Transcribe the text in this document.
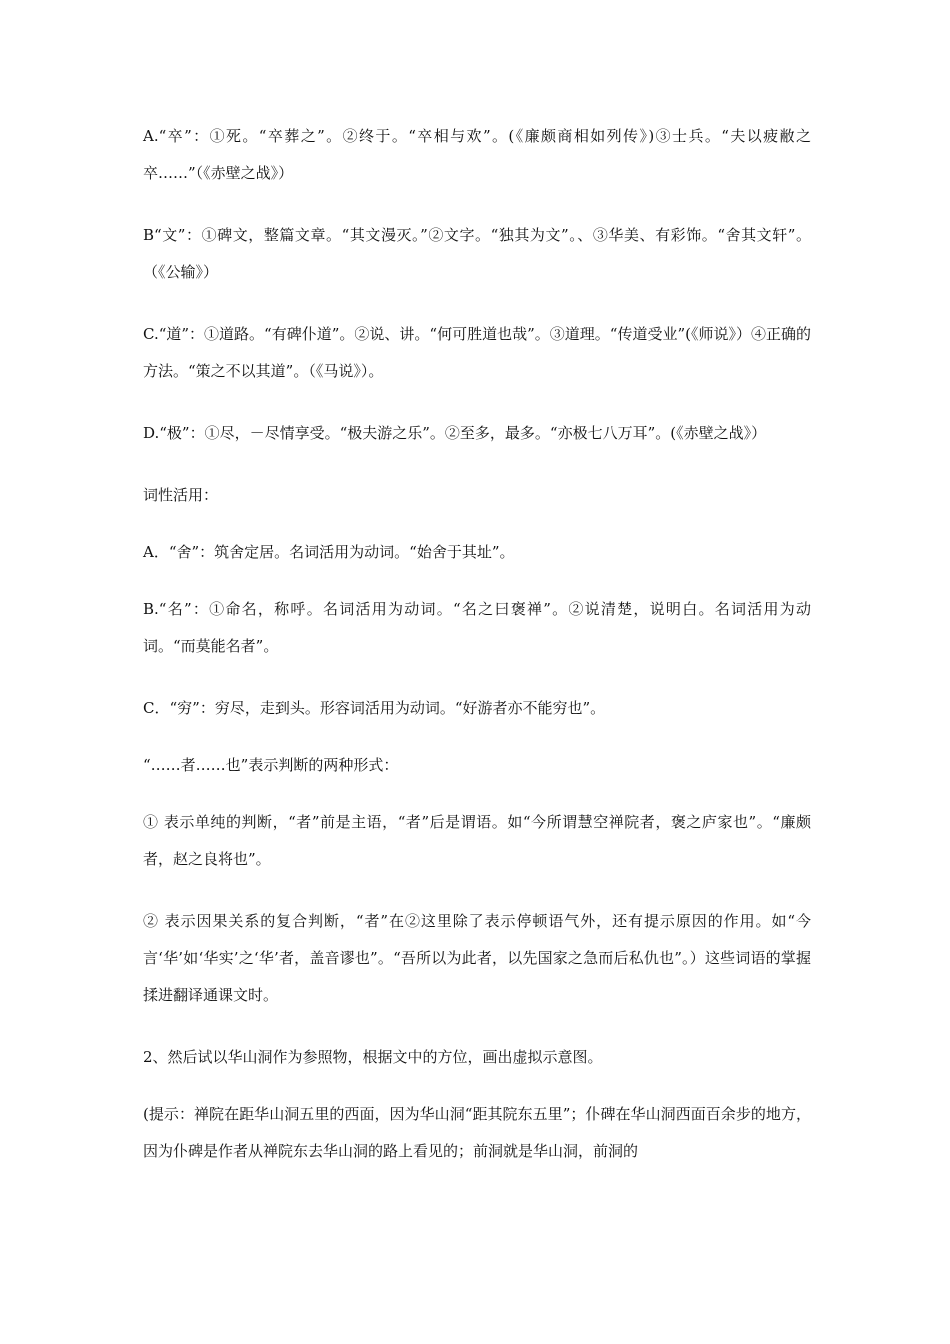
A.“卒”：①死。“卒葬之”。②终于。“卒相与欢”。(《廉颇商相如列传》)③士兵。“夫以疲敝之卒……”（《赤壁之战》）

B“文”：①碑文，整篇文章。“其文漫灭。”②文字。“独其为文”。、③华美、有彩饰。“舍其文轩”。（《公输》）

C.“道”：①道路。“有碑仆道”。②说、讲。“何可胜道也哉”。③道理。“传道受业”(《师说》）④正确的方法。“策之不以其道”。（《马说》）。

D.“极”：①尽，－尽情享受。“极夫游之乐”。②至多，最多。“亦极七八万耳”。(《赤壁之战》）

词性活用：

A．“舍”：筑舍定居。名词活用为动词。“始舍于其址”。

B.“名”：①命名，称呼。名词活用为动词。“名之曰褒禅”。②说清楚，说明白。名词活用为动词。“而莫能名者”。

C．“穷”：穷尽，走到头。形容词活用为动词。“好游者亦不能穷也”。

“……者……也”表示判断的两种形式：

① 表示单纯的判断，“者”前是主语，“者”后是谓语。如“今所谓慧空禅院者，褒之庐家也”。“廉颇者，赵之良将也”。

② 表示因果关系的复合判断，“者”在②这里除了表示停顿语气外，还有提示原因的作用。如“今言‘华’如‘华实’之‘华’者，盖音谬也”。“吾所以为此者，以先国家之急而后私仇也”。）这些词语的掌握揉进翻译通课文时。

2、然后试以华山洞作为参照物，根据文中的方位，画出虚拟示意图。

(提示：禅院在距华山洞五里的西面，因为华山洞“距其院东五里”；仆碑在华山洞西面百余步的地方，因为仆碑是作者从禅院东去华山洞的路上看见的；前洞就是华山洞，前洞的
